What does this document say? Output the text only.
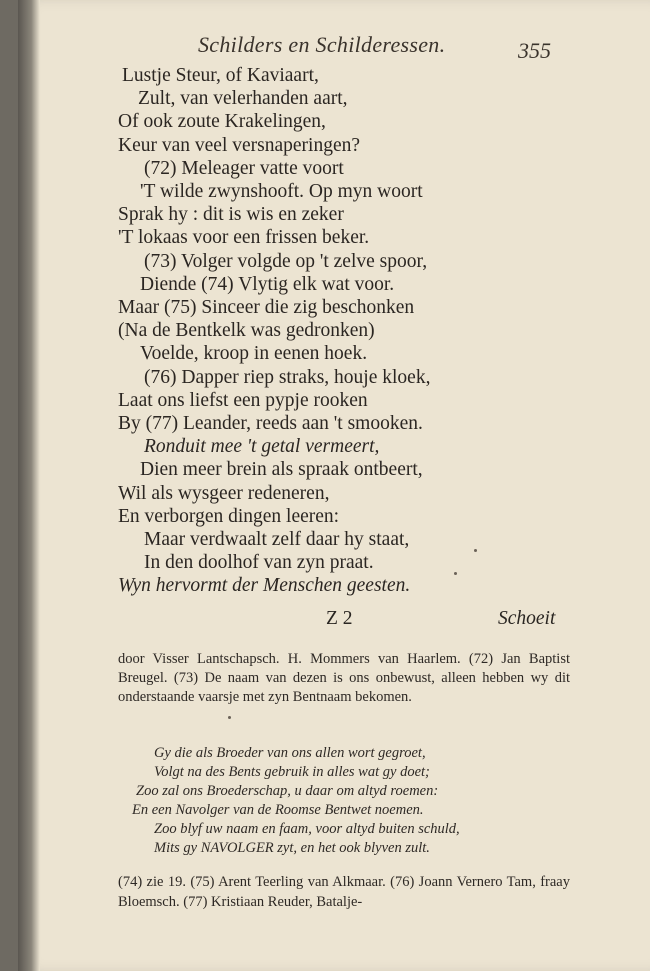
Schilders en Schilderessen.	355
Lustje Steur, of Kaviaart,
Zult, van velerhanden aart,
Of ook zoute Krakelingen,
Keur van veel versnaperingen?
(72) Meleager vatte voort
'T wilde zwynshooft. Op myn woort
Sprak hy : dit is wis en zeker
'T lokaas voor een frissen beker.
(73) Volger volgde op 't zelve spoor,
Diende (74) Vlytig elk wat voor.
Maar (75) Sinceer die zig beschonken
(Na de Bentkelk was gedronken)
Voelde, kroop in eenen hoek.
(76) Dapper riep straks, houje kloek,
Laat ons liefst een pypje rooken
By (77) Leander, reeds aan 't smooken.
Ronduit mee 't getal vermeert,
Dien meer brein als spraak ontbeert,
Wil als wysgeer redeneren,
En verborgen dingen leeren:
Maar verdwaalt zelf daar hy staat,
In den doolhof van zyn praat.
Wyn hervormt der Menschen geesten.
Z 2	Schoeit
door Visser Lantschapsch. H. Mommers van Haarlem. (72) Jan Baptist Breugel. (73) De naam van dezen is ons onbewust, alleen hebben wy dit onderstaande vaarsje met zyn Bentnaam bekomen.
Gy die als Broeder van ons allen wort gegroet,
Volgt na des Bents gebruik in alles wat gy doet;
Zoo zal ons Broederschap, u daar om altyd roemen:
En een Navolger van de Roomse Bentwet noemen.
Zoo blyf uw naam en faam, voor altyd buiten schuld,
Mits gy NAVOLGER zyt, en het ook blyven zult.
(74) zie 19. (75) Arent Teerling van Alkmaar. (76) Joann Vernero Tam, fraay Bloemsch. (77) Kristiaan Reuder, Batalje-
